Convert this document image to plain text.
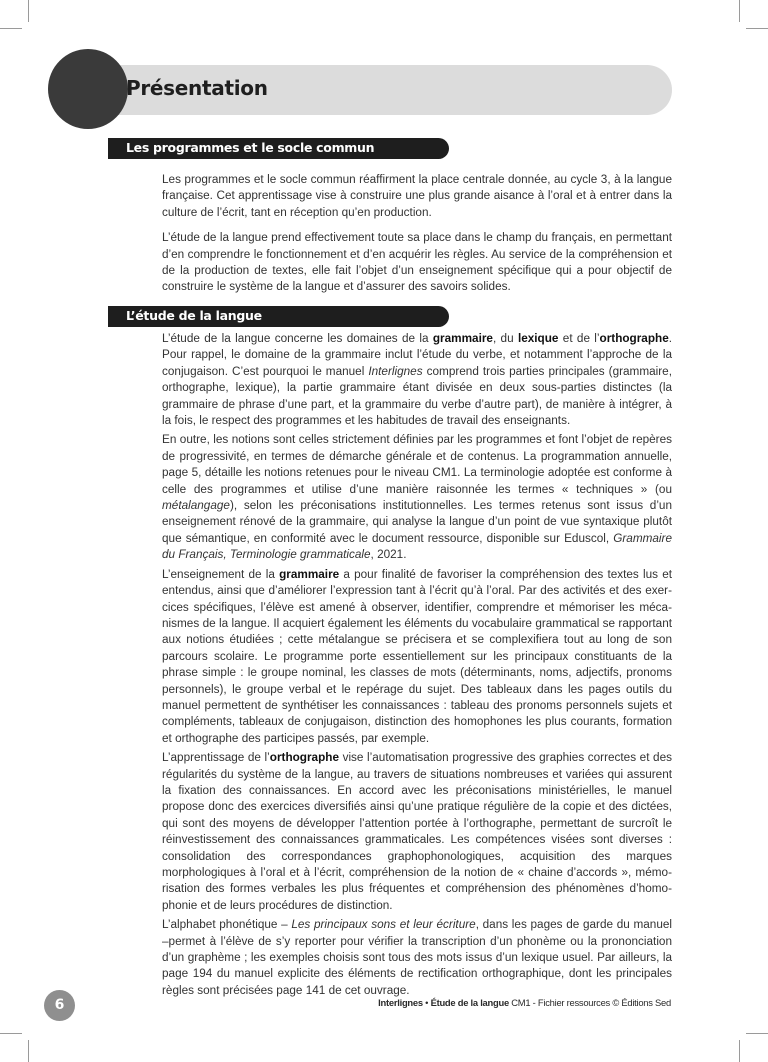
Présentation
Les programmes et le socle commun

Les programmes et le socle commun réaffirment la place centrale donnée, au cycle 3, à la langue française. Cet apprentissage vise à construire une plus grande aisance à l’oral et à entrer dans la culture de l’écrit, tant en réception qu’en production.

L’étude de la langue prend effectivement toute sa place dans le champ du français, en permettant d’en comprendre le fonctionnement et d’en acquérir les règles. Au service de la compréhension et de la production de textes, elle fait l’objet d’un enseignement spécifique qui a pour objectif de construire le système de la langue et d’assurer des savoirs solides.

L’étude de la langue

L’étude de la langue concerne les domaines de la grammaire, du lexique et de l’orthographe. Pour rappel, le domaine de la grammaire inclut l’étude du verbe, et notamment l’approche de la conjugaison. C’est pourquoi le manuel Interlignes comprend trois parties principales (grammaire, orthographe, lexique), la partie grammaire étant divisée en deux sous-parties distinctes (la grammaire de phrase d’une part, et la grammaire du verbe d’autre part), de manière à intégrer, à la fois, le respect des programmes et les habitudes de travail des enseignants.

En outre, les notions sont celles strictement définies par les programmes et font l’objet de repères de progressivité, en termes de démarche générale et de contenus. La programmation annuelle, page 5, détaille les notions retenues pour le niveau CM1. La terminologie adoptée est conforme à celle des programmes et utilise d’une manière raisonnée les termes « techniques » (ou métalangage), selon les préconisations institutionnelles. Les termes retenus sont issus d’un enseignement rénové de la grammaire, qui analyse la langue d’un point de vue syntaxique plutôt que sémantique, en conformité avec le document ressource, disponible sur Eduscol, Grammaire du Français, Terminologie grammaticale, 2021.

L’enseignement de la grammaire a pour finalité de favoriser la compréhension des textes lus et entendus, ainsi que d’améliorer l’expression tant à l’écrit qu’à l’oral. Par des activités et des exercices spécifiques, l’élève est amené à observer, identifier, comprendre et mémoriser les mécanismes de la langue. Il acquiert également les éléments du vocabulaire grammatical se rapportant aux notions étudiées ; cette métalangue se précisera et se complexifiera tout au long de son parcours scolaire. Le programme porte essentiellement sur les principaux constituants de la phrase simple : le groupe nominal, les classes de mots (déterminants, noms, adjectifs, pronoms personnels), le groupe verbal et le repérage du sujet. Des tableaux dans les pages outils du manuel permettent de synthétiser les connaissances : tableau des pronoms personnels sujets et compléments, tableaux de conjugaison, distinction des homophones les plus courants, formation et orthographe des participes passés, par exemple.

L’apprentissage de l’orthographe vise l’automatisation progressive des graphies correctes et des régularités du système de la langue, au travers de situations nombreuses et variées qui assurent la fixation des connaissances. En accord avec les préconisations ministérielles, le manuel propose donc des exercices diversifiés ainsi qu’une pratique régulière de la copie et des dictées, qui sont des moyens de développer l’attention portée à l’orthographe, permettant de surcroît le réinvestissement des connaissances grammaticales. Les compétences visées sont diverses : consolidation des correspondances graphophonologiques, acquisition des marques morphologiques à l’oral et à l’écrit, compréhension de la notion de « chaine d’accords », mémorisation des formes verbales les plus fréquentes et compréhension des phénomènes d’homophonie et de leurs procédures de distinction.

L’alphabet phonétique – Les principaux sons et leur écriture, dans les pages de garde du manuel –permet à l’élève de s’y reporter pour vérifier la transcription d’un phonème ou la prononciation d’un graphème ; les exemples choisis sont tous des mots issus d’un lexique usuel. Par ailleurs, la page 194 du manuel explicite des éléments de rectification orthographique, dont les principales règles sont précisées page 141 de cet ouvrage.

6	Interlignes • Étude de la langue CM1 - Fichier ressources © Éditions Sed
